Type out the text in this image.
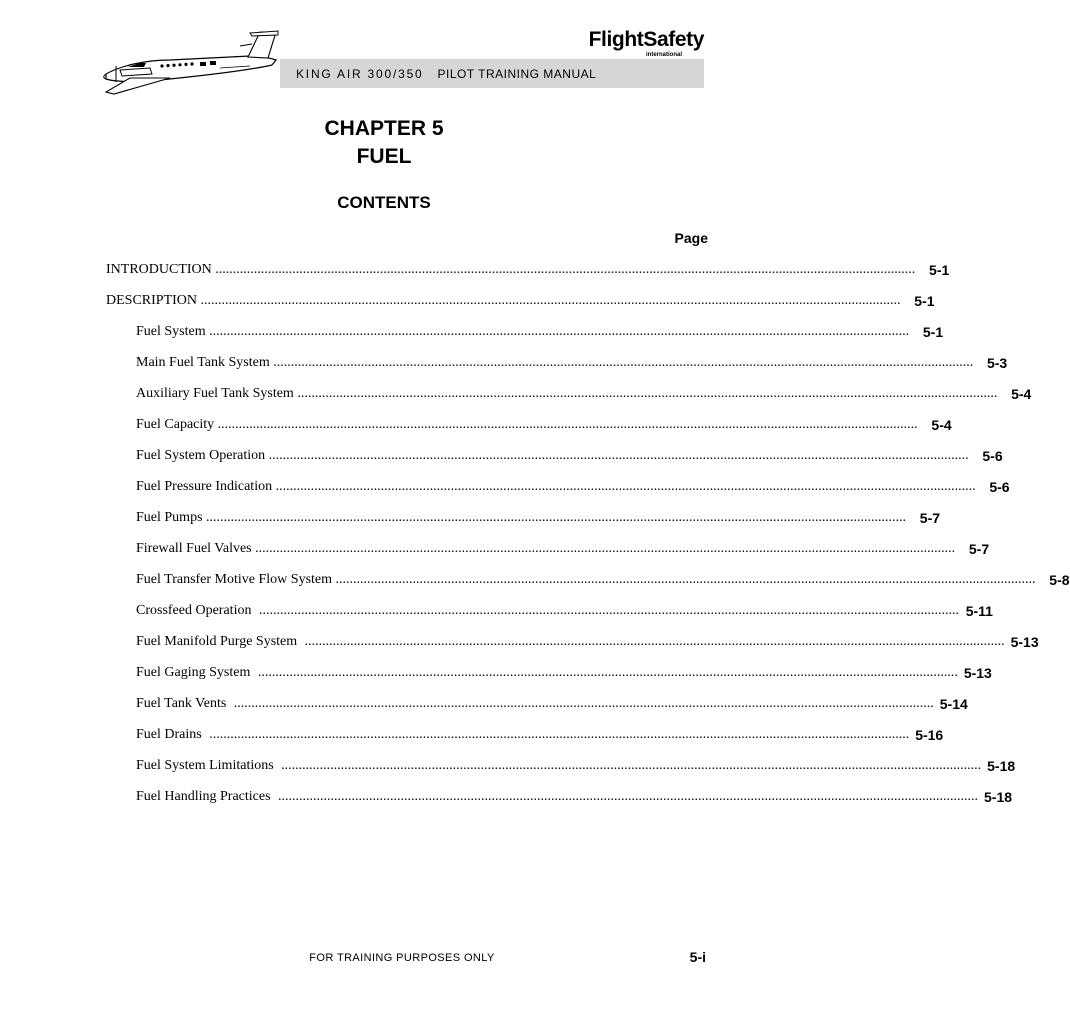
FlightSafety
international
KING AIR 300/350 PILOT TRAINING MANUAL
CHAPTER 5
FUEL
CONTENTS
Page
INTRODUCTION ........................................................................................................................................................................................................ 5-1
DESCRIPTION ........................................................................................................................................................................................................ 5-1
Fuel System ........................................................................................................................................................................................................ 5-1
Main Fuel Tank System ........................................................................................................................................................................................................ 5-3
Auxiliary Fuel Tank System ........................................................................................................................................................................................................ 5-4
Fuel Capacity ........................................................................................................................................................................................................ 5-4
Fuel System Operation ........................................................................................................................................................................................................ 5-6
Fuel Pressure Indication ........................................................................................................................................................................................................ 5-6
Fuel Pumps ........................................................................................................................................................................................................ 5-7
Firewall Fuel Valves ........................................................................................................................................................................................................ 5-7
Fuel Transfer Motive Flow System ........................................................................................................................................................................................................ 5-8
Crossfeed Operation ........................................................................................................................................................................................................ 5-11
Fuel Manifold Purge System ........................................................................................................................................................................................................ 5-13
Fuel Gaging System ........................................................................................................................................................................................................ 5-13
Fuel Tank Vents ........................................................................................................................................................................................................ 5-14
Fuel Drains ........................................................................................................................................................................................................ 5-16
Fuel System Limitations ........................................................................................................................................................................................................ 5-18
Fuel Handling Practices ........................................................................................................................................................................................................ 5-18
FOR TRAINING PURPOSES ONLY	5-i
